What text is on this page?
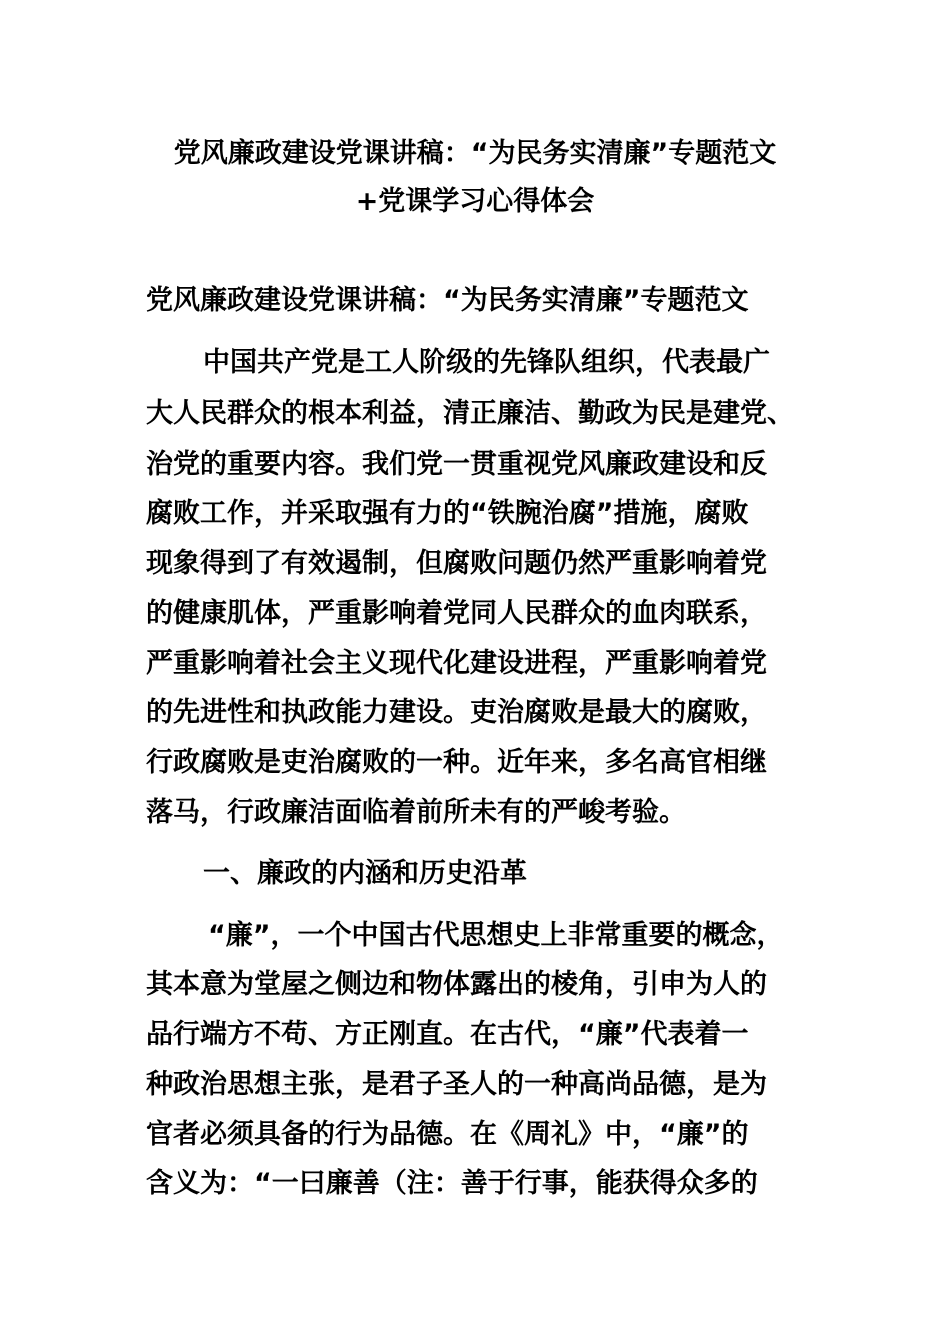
党风廉政建设党课讲稿：“为民务实清廉”专题范文
+党课学习心得体会
党风廉政建设党课讲稿：“为民务实清廉”专题范文
中国共产党是工人阶级的先锋队组织，代表最广
大人民群众的根本利益，清正廉洁、勤政为民是建党、
治党的重要内容。我们党一贯重视党风廉政建设和反
腐败工作，并采取强有力的“铁腕治腐”措施，腐败
现象得到了有效遏制，但腐败问题仍然严重影响着党
的健康肌体，严重影响着党同人民群众的血肉联系，
严重影响着社会主义现代化建设进程，严重影响着党
的先进性和执政能力建设。吏治腐败是最大的腐败，
行政腐败是吏治腐败的一种。近年来，多名高官相继
落马，行政廉洁面临着前所未有的严峻考验。
一、廉政的内涵和历史沿革
“廉”，一个中国古代思想史上非常重要的概念，
其本意为堂屋之侧边和物体露出的棱角，引申为人的
品行端方不苟、方正刚直。在古代，“廉”代表着一
种政治思想主张，是君子圣人的一种高尚品德，是为
官者必须具备的行为品德。在《周礼》中，“廉”的
含义为：“一曰廉善（注：善于行事，能获得众多的
